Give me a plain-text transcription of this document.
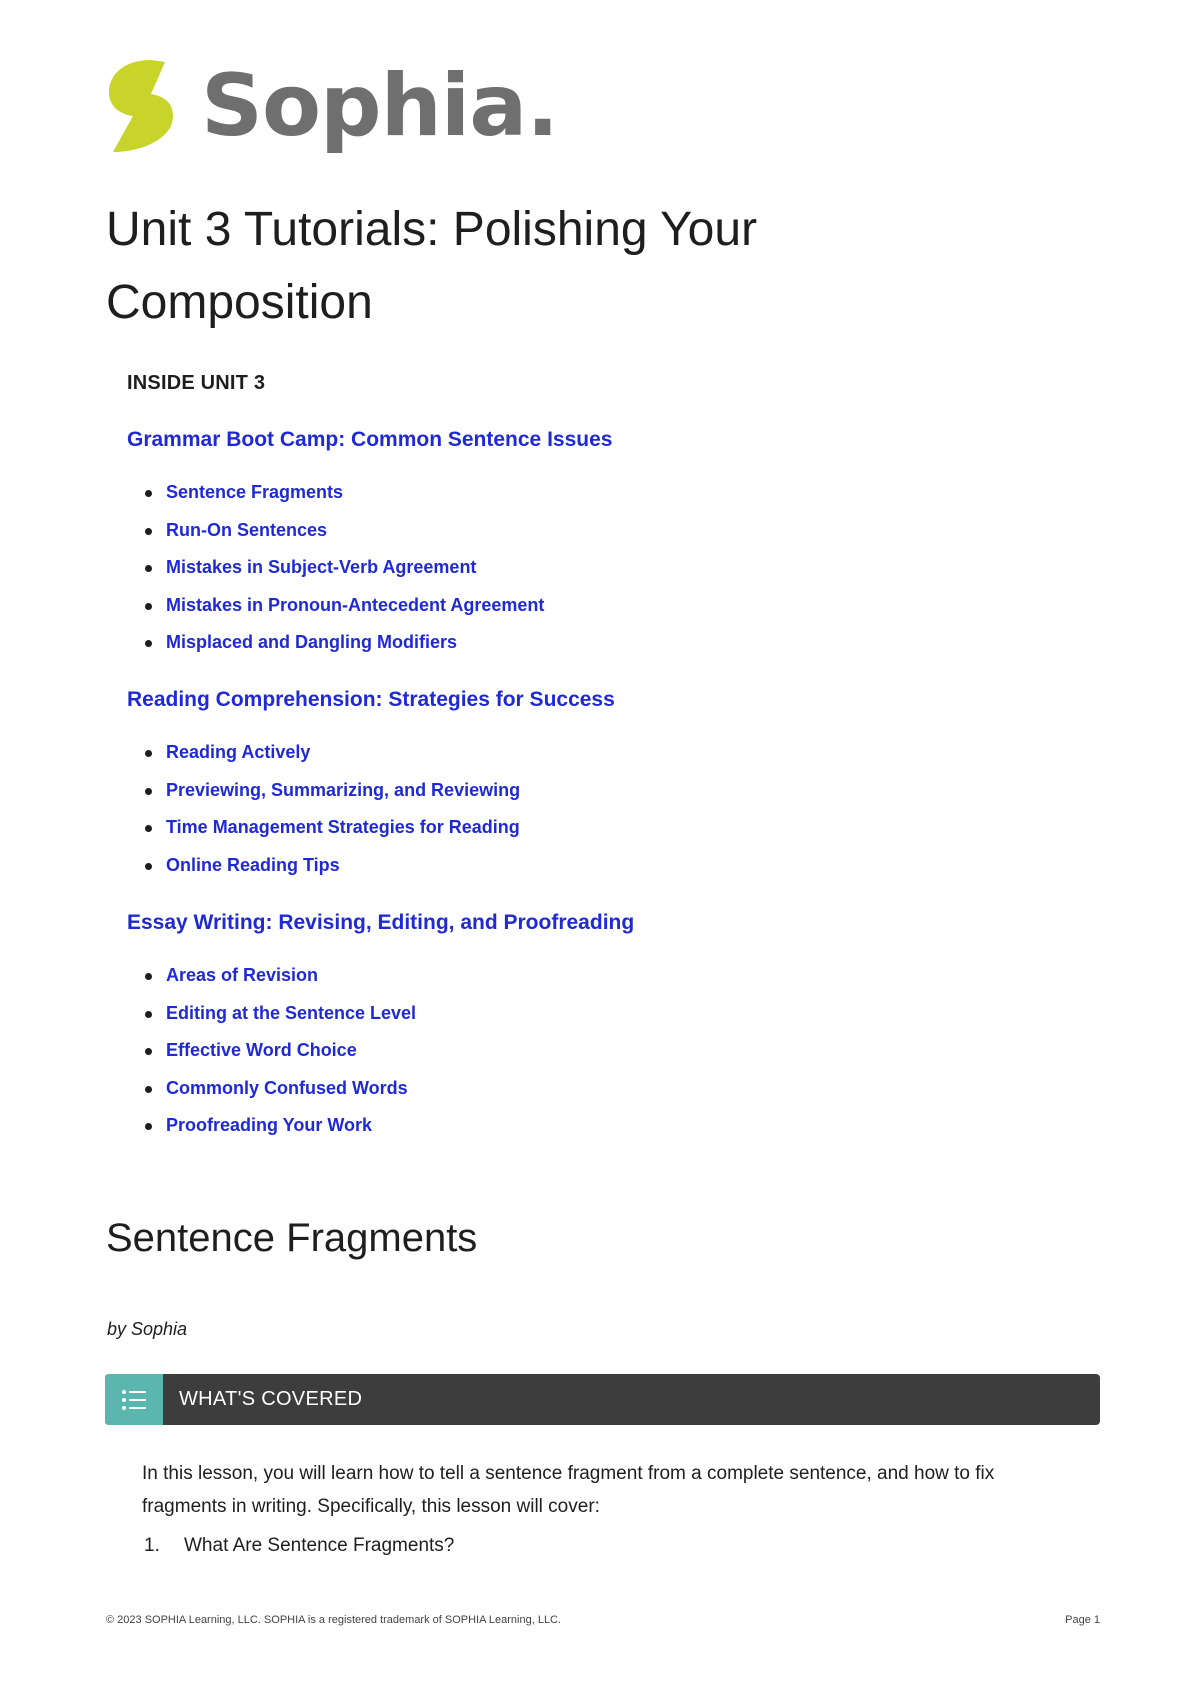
Sophia.
Unit 3 Tutorials: Polishing Your Composition
INSIDE UNIT 3
Grammar Boot Camp: Common Sentence Issues
Sentence Fragments
Run-On Sentences
Mistakes in Subject-Verb Agreement
Mistakes in Pronoun-Antecedent Agreement
Misplaced and Dangling Modifiers
Reading Comprehension: Strategies for Success
Reading Actively
Previewing, Summarizing, and Reviewing
Time Management Strategies for Reading
Online Reading Tips
Essay Writing: Revising, Editing, and Proofreading
Areas of Revision
Editing at the Sentence Level
Effective Word Choice
Commonly Confused Words
Proofreading Your Work
Sentence Fragments
by Sophia
WHAT'S COVERED

In this lesson, you will learn how to tell a sentence fragment from a complete sentence, and how to fix fragments in writing. Specifically, this lesson will cover:

1.	What Are Sentence Fragments?
© 2023 SOPHIA Learning, LLC. SOPHIA is a registered trademark of SOPHIA Learning, LLC.	Page 1
